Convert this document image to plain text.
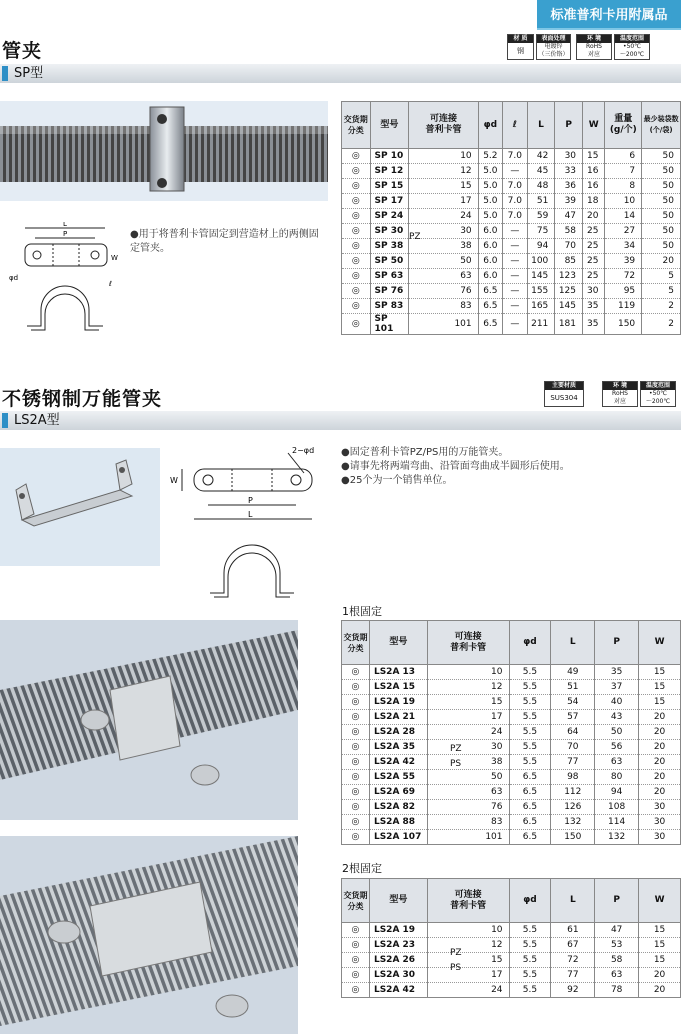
标准普利卡用附属品
管夹
材 质
钢
表面处理
电镀锌
（三价铬）
环 境
RoHS
对应
温度范围
•50℃
～200℃
SP型
L
P
W
φd
ℓ
●用于将普利卡管固定到营造材上的两侧固定管夹。
交货期
分类	型号	可连接
普利卡管	φd	ℓ	L	P	W	重量
(g/个)	最少装袋数
(个/袋)
◎	SP 10	10	5.2	7.0	42	30	15	6	50
◎	SP 12	12	5.0	—	45	33	16	7	50
◎	SP 15	15	5.0	7.0	48	36	16	8	50
◎	SP 17	17	5.0	7.0	51	39	18	10	50
◎	SP 24	24	5.0	7.0	59	47	20	14	50
◎	SP 30	30	6.0	—	75	58	25	27	50
◎	SP 38	38	6.0	—	94	70	25	34	50
◎	SP 50	50	6.0	—	100	85	25	39	20
◎	SP 63	63	6.0	—	145	123	25	72	5
◎	SP 76	76	6.5	—	155	125	30	95	5
◎	SP 83	83	6.5	—	165	145	35	119	2
◎	SP 101	101	6.5	—	211	181	35	150	2
PZ
不锈钢制万能管夹
主要材质
SUS304
环 境
RoHS
对应
温度范围
•50℃
～200℃
LS2A型
2−φd
W
P
L
●固定普利卡管PZ/PS用的万能管夹。
●请事先将两端弯曲、沿管面弯曲成半圆形后使用。
●25个为一个销售单位。
1根固定
交货期
分类	型号	可连接
普利卡管	φd	L	P	W
◎	LS2A 13	10	5.5	49	35	15
◎	LS2A 15	12	5.5	51	37	15
◎	LS2A 19	15	5.5	54	40	15
◎	LS2A 21	17	5.5	57	43	20
◎	LS2A 28	24	5.5	64	50	20
◎	LS2A 35	30	5.5	70	56	20
◎	LS2A 42	38	5.5	77	63	20
◎	LS2A 55	50	6.5	98	80	20
◎	LS2A 69	63	6.5	112	94	20
◎	LS2A 82	76	6.5	126	108	30
◎	LS2A 88	83	6.5	132	114	30
◎	LS2A 107	101	6.5	150	132	30
PZ
PS
2根固定
交货期
分类	型号	可连接
普利卡管	φd	L	P	W
◎	LS2A 19	10	5.5	61	47	15
◎	LS2A 23	12	5.5	67	53	15
◎	LS2A 26	15	5.5	72	58	15
◎	LS2A 30	17	5.5	77	63	20
◎	LS2A 42	24	5.5	92	78	20
PZ
PS
